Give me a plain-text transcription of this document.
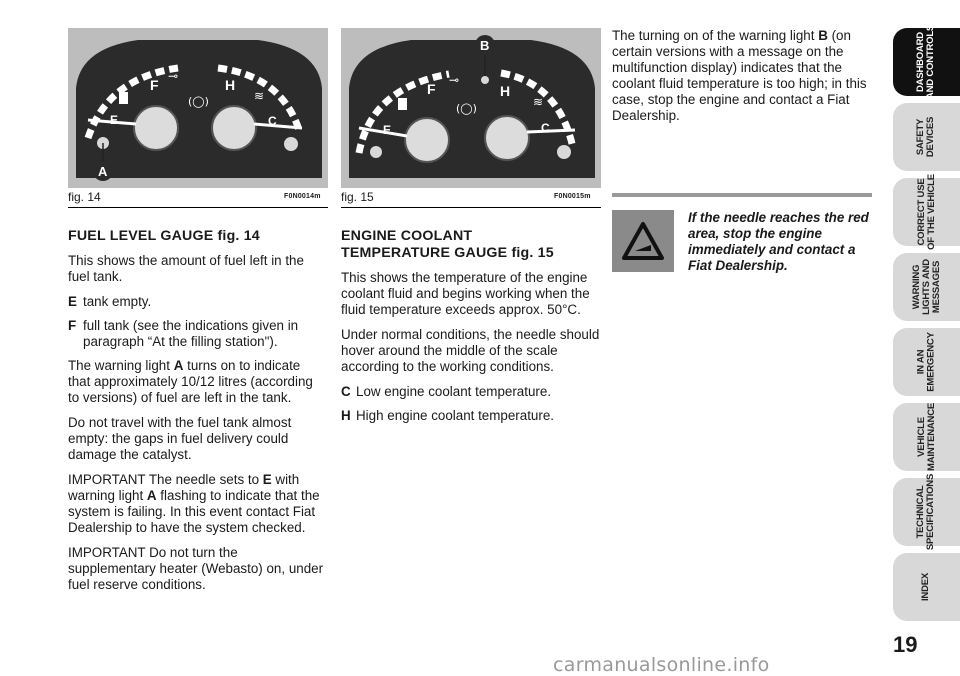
(◯)	≋
⊸
F	H
E	C
A
fig. 14	F0N0014m
(◯)	≋
⊸
F	H
E	C
B
fig. 15	F0N0015m
FUEL LEVEL GAUGE fig. 14

This shows the amount of fuel left in the fuel tank.

E tank empty.
F full tank (see the indications given in paragraph “At the filling station").

The warning light A turns on to indicate that approximately 10/12 litres (according to versions) of fuel are left in the tank.

Do not travel with the fuel tank almost empty: the gaps in fuel delivery could damage the catalyst.

IMPORTANT The needle sets to E with warning light A flashing to indicate that the system is failing. In this event contact Fiat Dealership to have the system checked.

IMPORTANT Do not turn the supplementary heater (Webasto) on, under fuel reserve conditions.

ENGINE COOLANT
TEMPERATURE GAUGE fig. 15

This shows the temperature of the engine coolant fluid and begins working when the fluid temperature exceeds approx. 50°C.

Under normal conditions, the needle should hover around the middle of the scale according to the working conditions.

C Low engine coolant temperature.
H High engine coolant temperature.

The turning on of the warning light B (on certain versions with a message on the multifunction display) indicates that the coolant fluid temperature is too high; in this case, stop the engine and contact a Fiat Dealership.

If the needle reaches the red area, stop the engine immediately and contact a Fiat Dealership.
DASHBOARD
AND CONTROLS
SAFETY
DEVICES
CORRECT USE
OF THE VEHICLE
WARNING
LIGHTS AND
MESSAGES
IN AN
EMERGENCY
VEHICLE
MAINTENANCE
TECHNICAL
SPECIFICATIONS
INDEX
19
carmanualsonline.info
